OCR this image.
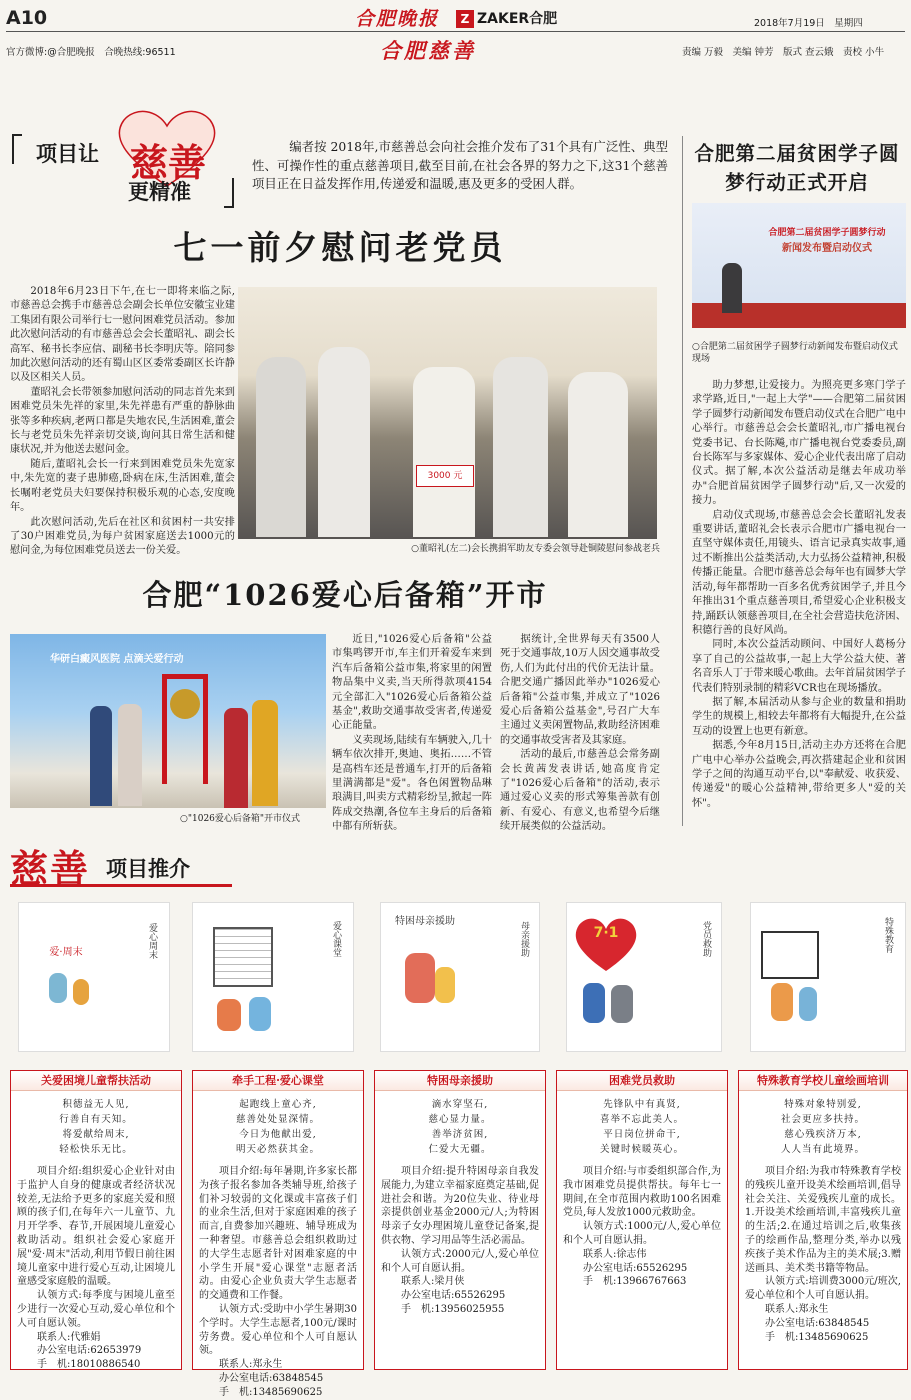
A10	合肥晚报	Z ZAKER合肥	2018年7月19日　星期四
官方微博:@合肥晚报　合晚热线:96511	合肥慈善	责编 万毅　美编 钟芳　版式 查云娥　责校 小牛
项目让 慈善
更精准
编者按 2018年,市慈善总会向社会推介发布了31个具有广泛性、典型性、可操作性的重点慈善项目,截至目前,在社会各界的努力之下,这31个慈善项目正在日益发挥作用,传递爱和温暖,惠及更多的受困人群。
七一前夕慰问老党员
2018年6月23日下午,在七一即将来临之际,市慈善总会携手市慈善总会副会长单位安徽宝业建工集团有限公司举行七一慰问困难党员活动。参加此次慰问活动的有市慈善总会会长董昭礼、副会长高军、秘书长李应信、副秘书长李明庆等。陪同参加此次慰问活动的还有蜀山区区委常委副区长许静以及区相关人员。
董昭礼会长带领参加慰问活动的同志首先来到困难党员朱先祥的家里,朱先祥患有严重的静脉曲张等多种疾病,老两口都是失地农民,生活困难,董会长与老党员朱先祥亲切交谈,询问其日常生活和健康状况,并为他送去慰问金。
随后,董昭礼会长一行来到困难党员朱先宽家中,朱先宽的妻子患肺癌,卧病在床,生活困难,董会长嘱咐老党员夫妇要保持积极乐观的心态,安度晚年。
此次慰问活动,先后在社区和贫困村一共安排了30户困难党员,为每户贫困家庭送去1000元的慰问金,为每位困难党员送去一份关爱。
3000 元
○董昭礼(左二)会长携捐军助友专委会领导赴铜陵慰问参战老兵
合肥第二届贫困学子圆梦行动正式开启
合肥第二届贫困学子圆梦行动
新闻发布暨启动仪式
○合肥第二届贫困学子圆梦行动新闻发布暨启动仪式现场
助力梦想,让爱接力。为照亮更多寒门学子求学路,近日,"一起上大学"——合肥第二届贫困学子圆梦行动新闻发布暨启动仪式在合肥广电中心举行。市慈善总会会长董昭礼,市广播电视台党委书记、台长陈飚,市广播电视台党委委员,副台长陈军与多家媒体、爱心企业代表出席了启动仪式。据了解,本次公益活动是继去年成功举办"合肥首届贫困学子圆梦行动"后,又一次爱的接力。
启动仪式现场,市慈善总会会长董昭礼发表重要讲话,董昭礼会长表示合肥市广播电视台一直坚守媒体责任,用镜头、语言记录真实故事,通过不断推出公益类活动,大力弘扬公益精神,积极传播正能量。合肥市慈善总会每年也有圆梦大学活动,每年都帮助一百多名优秀贫困学子,并且今年推出31个重点慈善项目,希望爱心企业积极支持,踊跃认领慈善项目,在全社会营造扶危济困、积德行善的良好风尚。
同时,本次公益活动顾问、中国好人葛杨分享了自己的公益故事,一起上大学公益大使、著名音乐人丁于带来暖心歌曲。去年首届贫困学子代表们特别录制的精彩VCR也在现场播放。
据了解,本届活动从参与企业的数量和捐助学生的规模上,相较去年都将有大幅提升,在公益互动的设置上也更有新意。
据悉,今年8月15日,活动主办方还将在合肥广电中心举办公益晚会,再次搭建起企业和贫困学子之间的沟通互动平台,以"奉献爱、收获爱、传递爱"的暖心公益精神,带给更多人"爱的关怀"。
合肥“1026爱心后备箱”开市
华研白癜风医院 点滴关爱行动
○"1026爱心后备箱"开市仪式
近日,"1026爱心后备箱"公益市集鸣锣开市,车主们开着爱车来到汽车后备箱公益市集,将家里的闲置物品集中义卖,当天所得款项4154元全部汇入"1026爱心后备箱公益基金",救助交通事故受害者,传递爱心正能量。
义卖现场,陆续有车辆驶入,几十辆车依次排开,奥迪、奥拓……不管是高档车还是普通车,打开的后备箱里满满都是"爱"。各色闲置物品琳琅满目,叫卖方式精彩纷呈,掀起一阵阵成交热潮,各位车主身后的后备箱中都有所斩获。
据统计,全世界每天有3500人死于交通事故,10万人因交通事故受伤,人们为此付出的代价无法计量。合肥交通广播因此举办"1026爱心后备箱"公益市集,并成立了"1026爱心后备箱公益基金",号召广大车主通过义卖闲置物品,救助经济困难的交通事故受害者及其家庭。
活动的最后,市慈善总会常务副会长黄茜发表讲话,她高度肯定了"1026爱心后备箱"的活动,表示通过爱心义卖的形式筹集善款有创新、有爱心、有意义,也希望今后继续开展类似的公益活动。
慈善 项目推介
爱·周末	爱心周末	爱心课堂	特困母亲援助	母亲援助	7·1	党员救助	特殊教育
关爱困境儿童帮扶活动
积德益无人见,
行善自有天知。
将爱献给周末,
轻松快乐无比。
项目介绍:组织爱心企业针对由于监护人自身的健康或者经济状况较差,无法给予更多的家庭关爱和照顾的孩子们,在每年六一儿童节、九月开学季、春节,开展困境儿童爱心救助活动。组织社会爱心家庭开展"爱·周末"活动,利用节假日前往困境儿童家中进行爱心互动,让困境儿童感受家庭般的温暖。
认领方式:每季度与困境儿童至少进行一次爱心互动,爱心单位和个人可自愿认领。
联系人:代雅娟
办公室电话:62653979
手　机:18010886540
牵手工程·爱心课堂
起跑线上童心齐,
慈善处处显深情。
今日为他献出爱,
明天必然获其金。
项目介绍:每年暑期,许多家长都为孩子报名参加各类辅导班,给孩子们补习较弱的文化课或丰富孩子们的业余生活,但对于家庭困难的孩子而言,自费参加兴趣班、辅导班成为一种奢望。市慈善总会组织救助过的大学生志愿者针对困难家庭的中小学生开展"爱心课堂"志愿者活动。由爱心企业负责大学生志愿者的交通费和工作餐。
认领方式:受助中小学生暑期30个学时。大学生志愿者,100元/课时劳务费。爱心单位和个人可自愿认领。
联系人:郑永生
办公室电话:63848545
手　机:13485690625
特困母亲援助
滴水穿坚石,
慈心显力量。
善举济贫困,
仁爱大无疆。
项目介绍:提升特困母亲自我发展能力,为建立幸福家庭奠定基础,促进社会和谐。为20位失业、待业母亲提供创业基金2000元/人;为特困母亲子女办理困境儿童登记备案,提供衣物、学习用品等生活必需品。
认领方式:2000元/人,爱心单位和个人可自愿认捐。
联系人:梁月侠
办公室电话:65526295
手　机:13956025955
困难党员救助
先锋队中有真贤,
喜举不忘此美人。
平日岗位拼命干,
关键时候暖英心。
项目介绍:与市委组织部合作,为我市困难党员提供帮扶。每年七一期间,在全市范围内救助100名困难党员,每人发放1000元救助金。
认领方式:1000元/人,爱心单位和个人可自愿认捐。
联系人:徐志伟
办公室电话:65526295
手　机:13966767663
特殊教育学校儿童绘画培训
特殊对象特别爱,
社会更应多扶持。
慈心残疾济万本,
人人当有此境界。
项目介绍:为我市特殊教育学校的残疾儿童开设美术绘画培训,倡导社会关注、关爱残疾儿童的成长。1.开设美术绘画培训,丰富残疾儿童的生活;2.在通过培训之后,收集孩子的绘画作品,整理分类,举办以残疾孩子美术作品为主的美术展;3.赠送画具、美术类书籍等物品。
认领方式:培训费3000元/班次,爱心单位和个人可自愿认捐。
联系人:郑永生
办公室电话:63848545
手　机:13485690625
